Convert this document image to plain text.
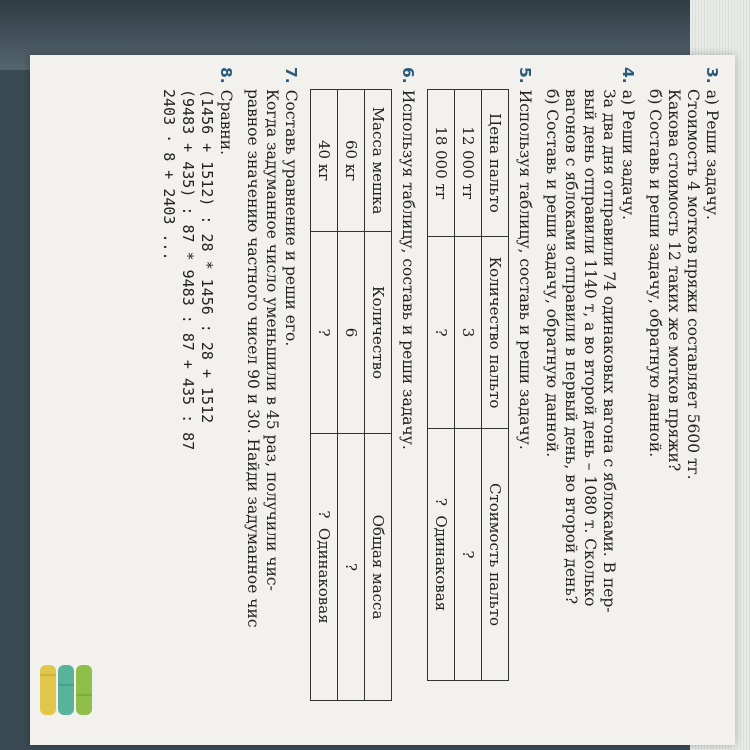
3.а) Реши задачу.
Стоимость 4 мотков пряжи составляет 5600 тг.
Какова стоимость 12 таких же мотков пряжи?
б) Составь и реши задачу, обратную данной.
4.а) Реши задачу.
За два дня отправили 74 одинаковых вагона с яблоками. В пер-
вый день отправили 1140 т, а во второй день – 1080 т. Сколько
вагонов с яблоками отправили в первый день, во второй день?
б) Составь и реши задачу, обратную данной.
5.Используя таблицу, составь и реши задачу.
Цена пальто	Количество пальто	Стоимость пальто
12 000 тг	3	?
18 000 тг	?	?  Одинаковая
6.Используя таблицу, составь и реши задачу.
Масса мешка	Количество	Общая масса
60 кг	6	?
40 кг	?	?  Одинаковая
7.Составь уравнение и реши его.
Когда задуманное число уменьшили в 45 раз, получили чис-
равное значению частного чисел 90 и 30. Найди задуманное чис
8.Сравни.
(1456 + 1512) : 28 * 1456 : 28 + 1512
(9483 + 435) : 87 * 9483 : 87 + 435 : 87
2403 · 8 + 2403 ...
